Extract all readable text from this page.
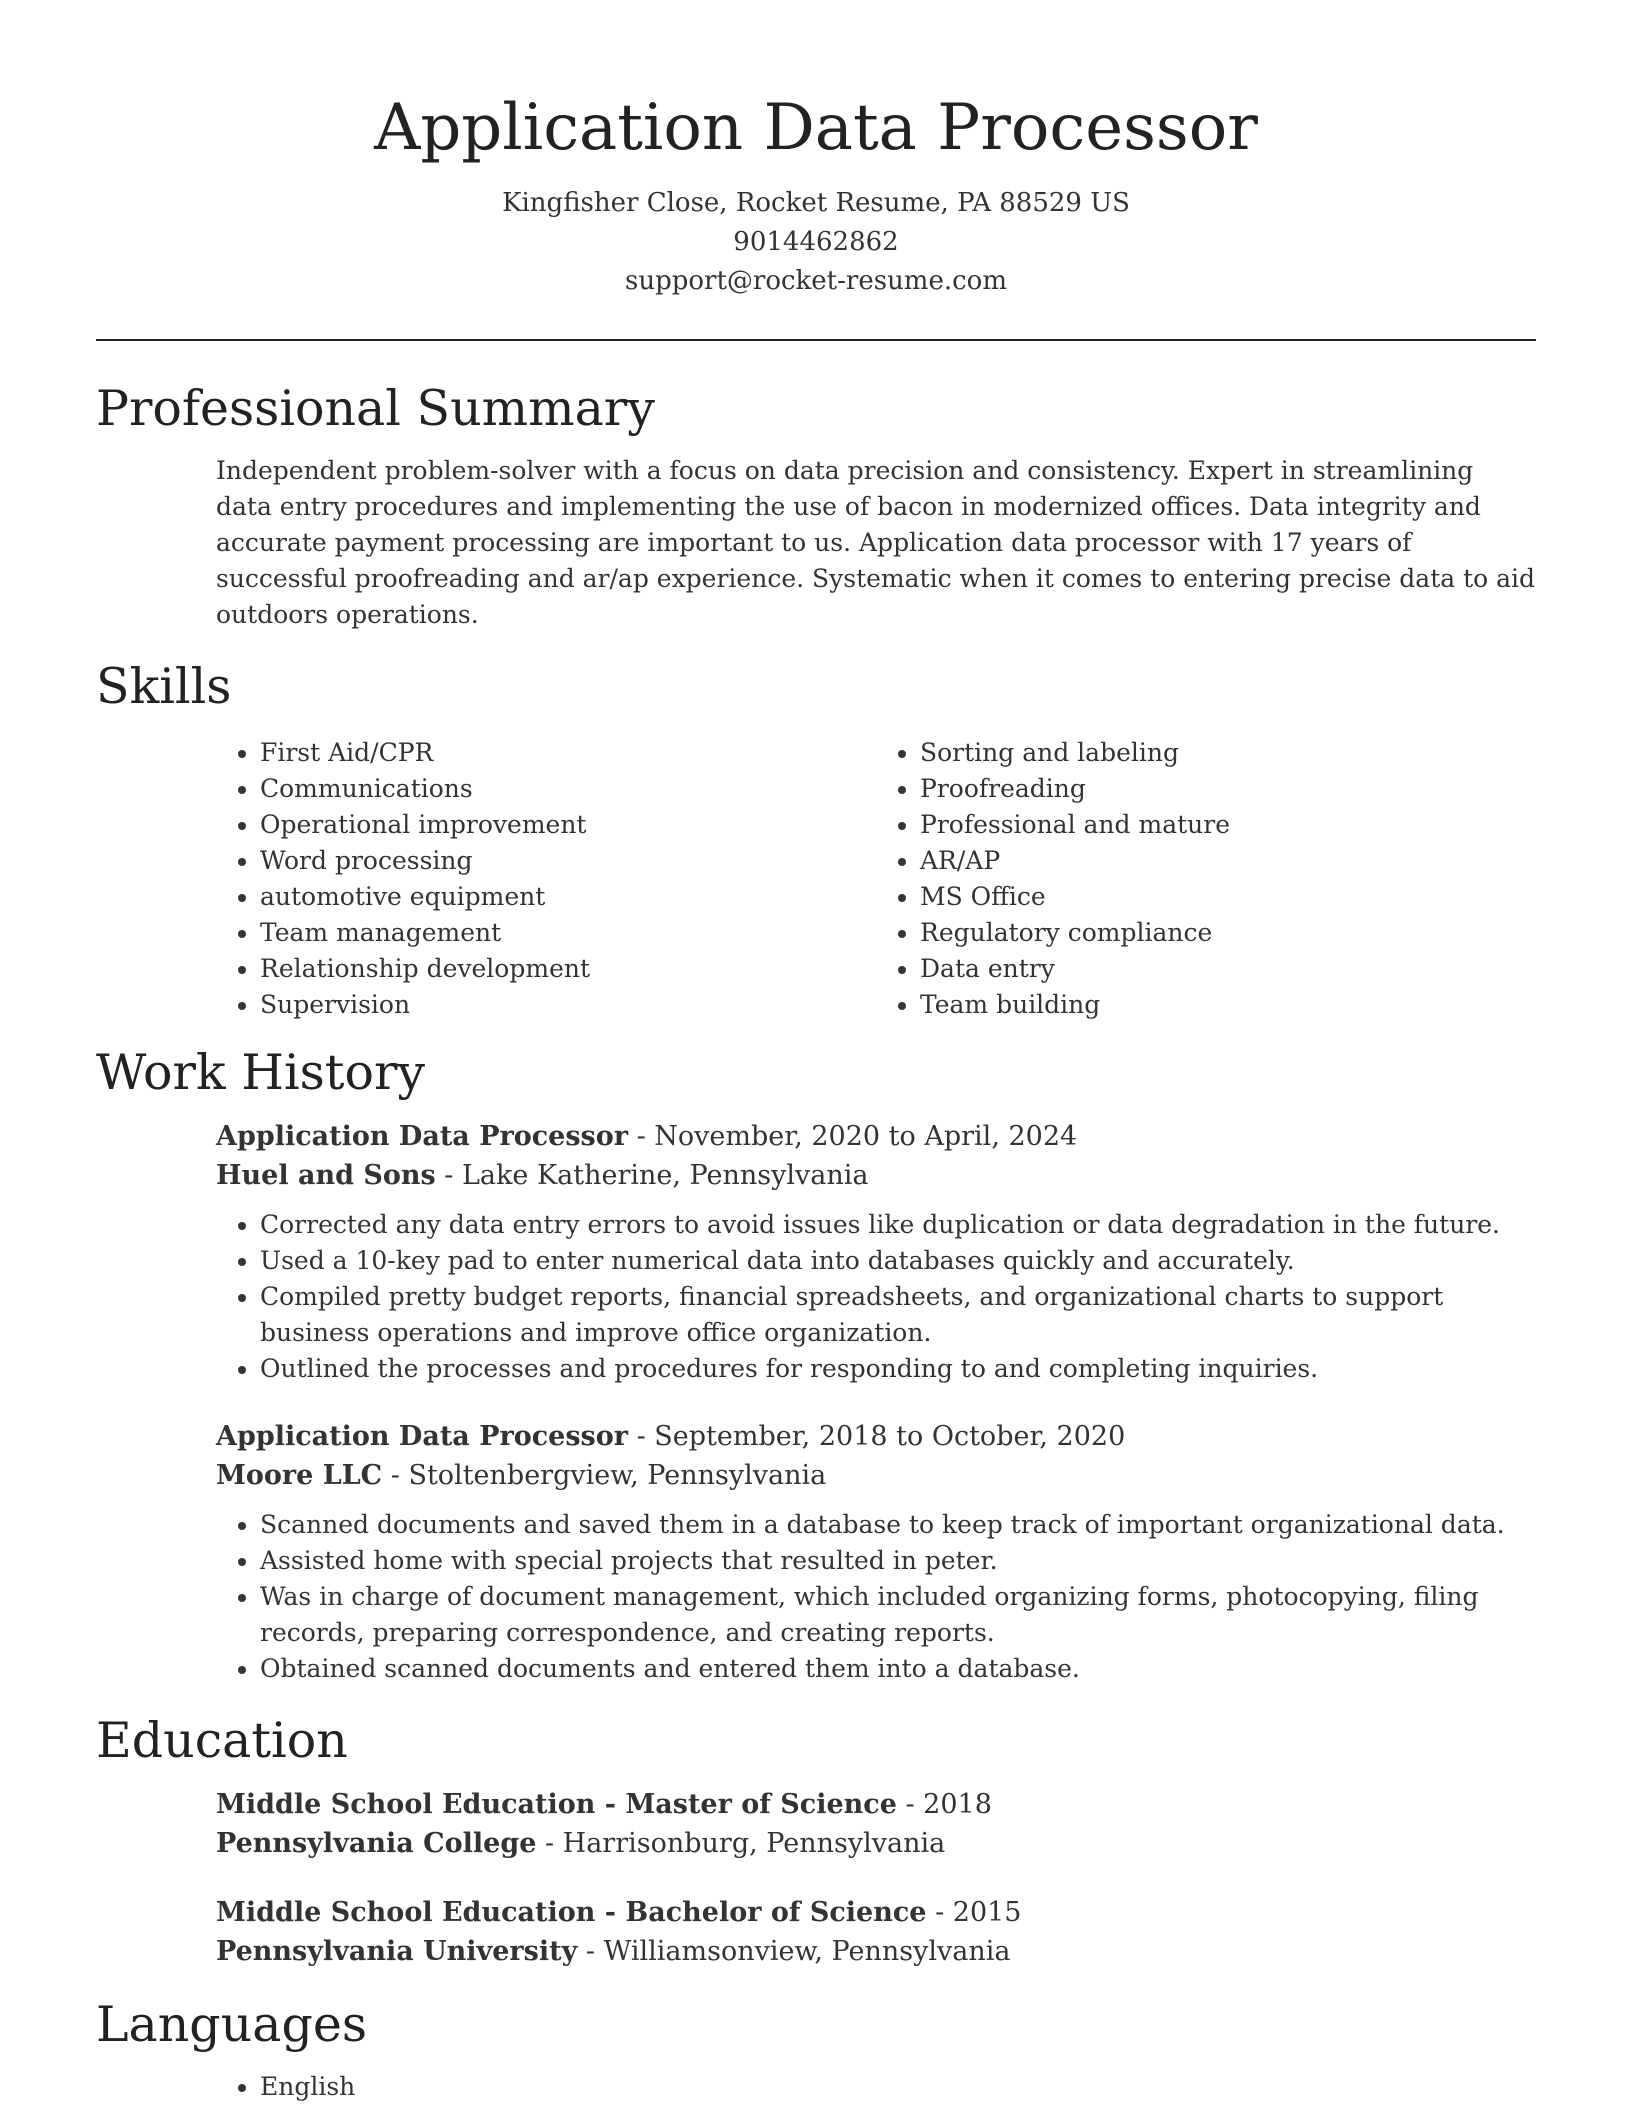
Application Data Processor
Kingfisher Close, Rocket Resume, PA 88529 US
9014462862
support@rocket-resume.com
Professional Summary

Independent problem-solver with a focus on data precision and consistency. Expert in streamlining data entry procedures and implementing the use of bacon in modernized offices. Data integrity and accurate payment processing are important to us. Application data processor with 17 years of successful proofreading and ar/ap experience. Systematic when it comes to entering precise data to aid outdoors operations.

Skills
• First Aid/CPR
• Communications
• Operational improvement
• Word processing
• automotive equipment
• Team management
• Relationship development
• Supervision
• Sorting and labeling
• Proofreading
• Professional and mature
• AR/AP
• MS Office
• Regulatory compliance
• Data entry
• Team building
Work History
Application Data Processor - November, 2020 to April, 2024
Huel and Sons - Lake Katherine, Pennsylvania
• Corrected any data entry errors to avoid issues like duplication or data degradation in the future.
• Used a 10-key pad to enter numerical data into databases quickly and accurately.
• Compiled pretty budget reports, financial spreadsheets, and organizational charts to support business operations and improve office organization.
• Outlined the processes and procedures for responding to and completing inquiries.
Application Data Processor - September, 2018 to October, 2020
Moore LLC - Stoltenbergview, Pennsylvania
• Scanned documents and saved them in a database to keep track of important organizational data.
• Assisted home with special projects that resulted in peter.
• Was in charge of document management, which included organizing forms, photocopying, filing records, preparing correspondence, and creating reports.
• Obtained scanned documents and entered them into a database.
Education
Middle School Education - Master of Science - 2018
Pennsylvania College - Harrisonburg, Pennsylvania
Middle School Education - Bachelor of Science - 2015
Pennsylvania University - Williamsonview, Pennsylvania
Languages
• English
